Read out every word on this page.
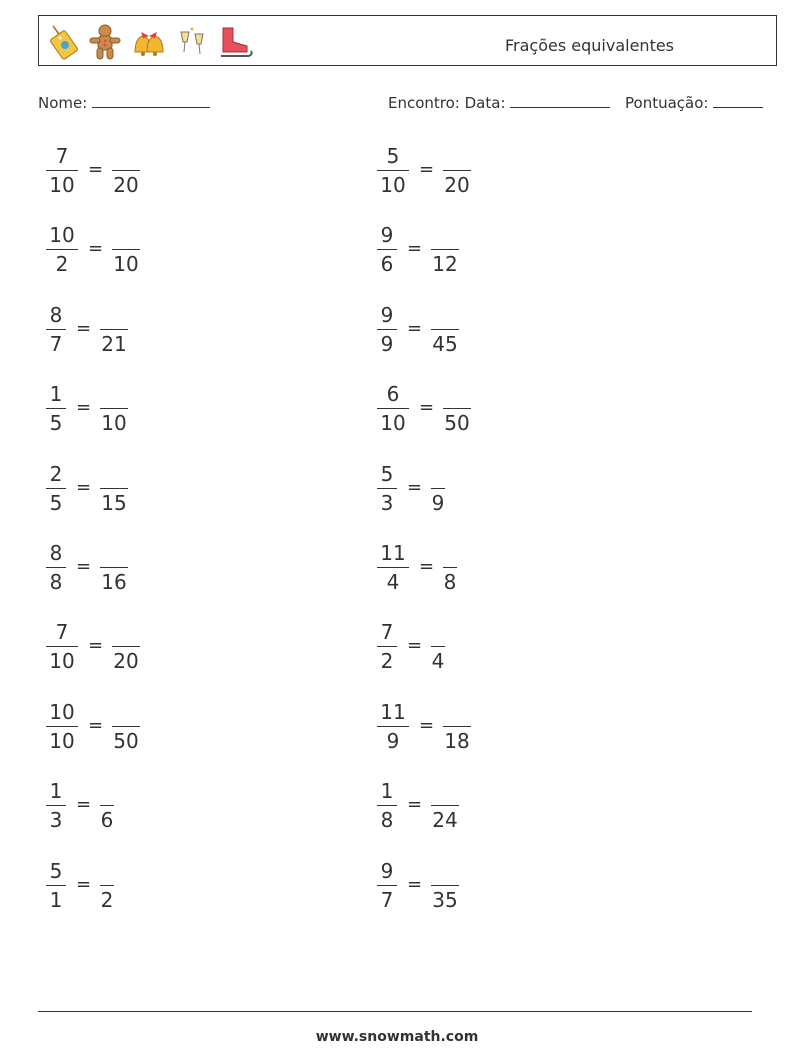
Frações equivalentes
Nome:	Encontro: Data:	Pontuação:
7
10
=
20
10
2
=
10
8
7
=
21
1
5
=
10
2
5
=
15
8
8
=
16
7
10
=
20
10
10
=
50
1
3
=
6
5
1
=
2
5
10
=
20
9
6
=
12
9
9
=
45
6
10
=
50
5
3
=
9
11
4
=
8
7
2
=
4
11
9
=
18
1
8
=
24
9
7
=
35
www.snowmath.com
